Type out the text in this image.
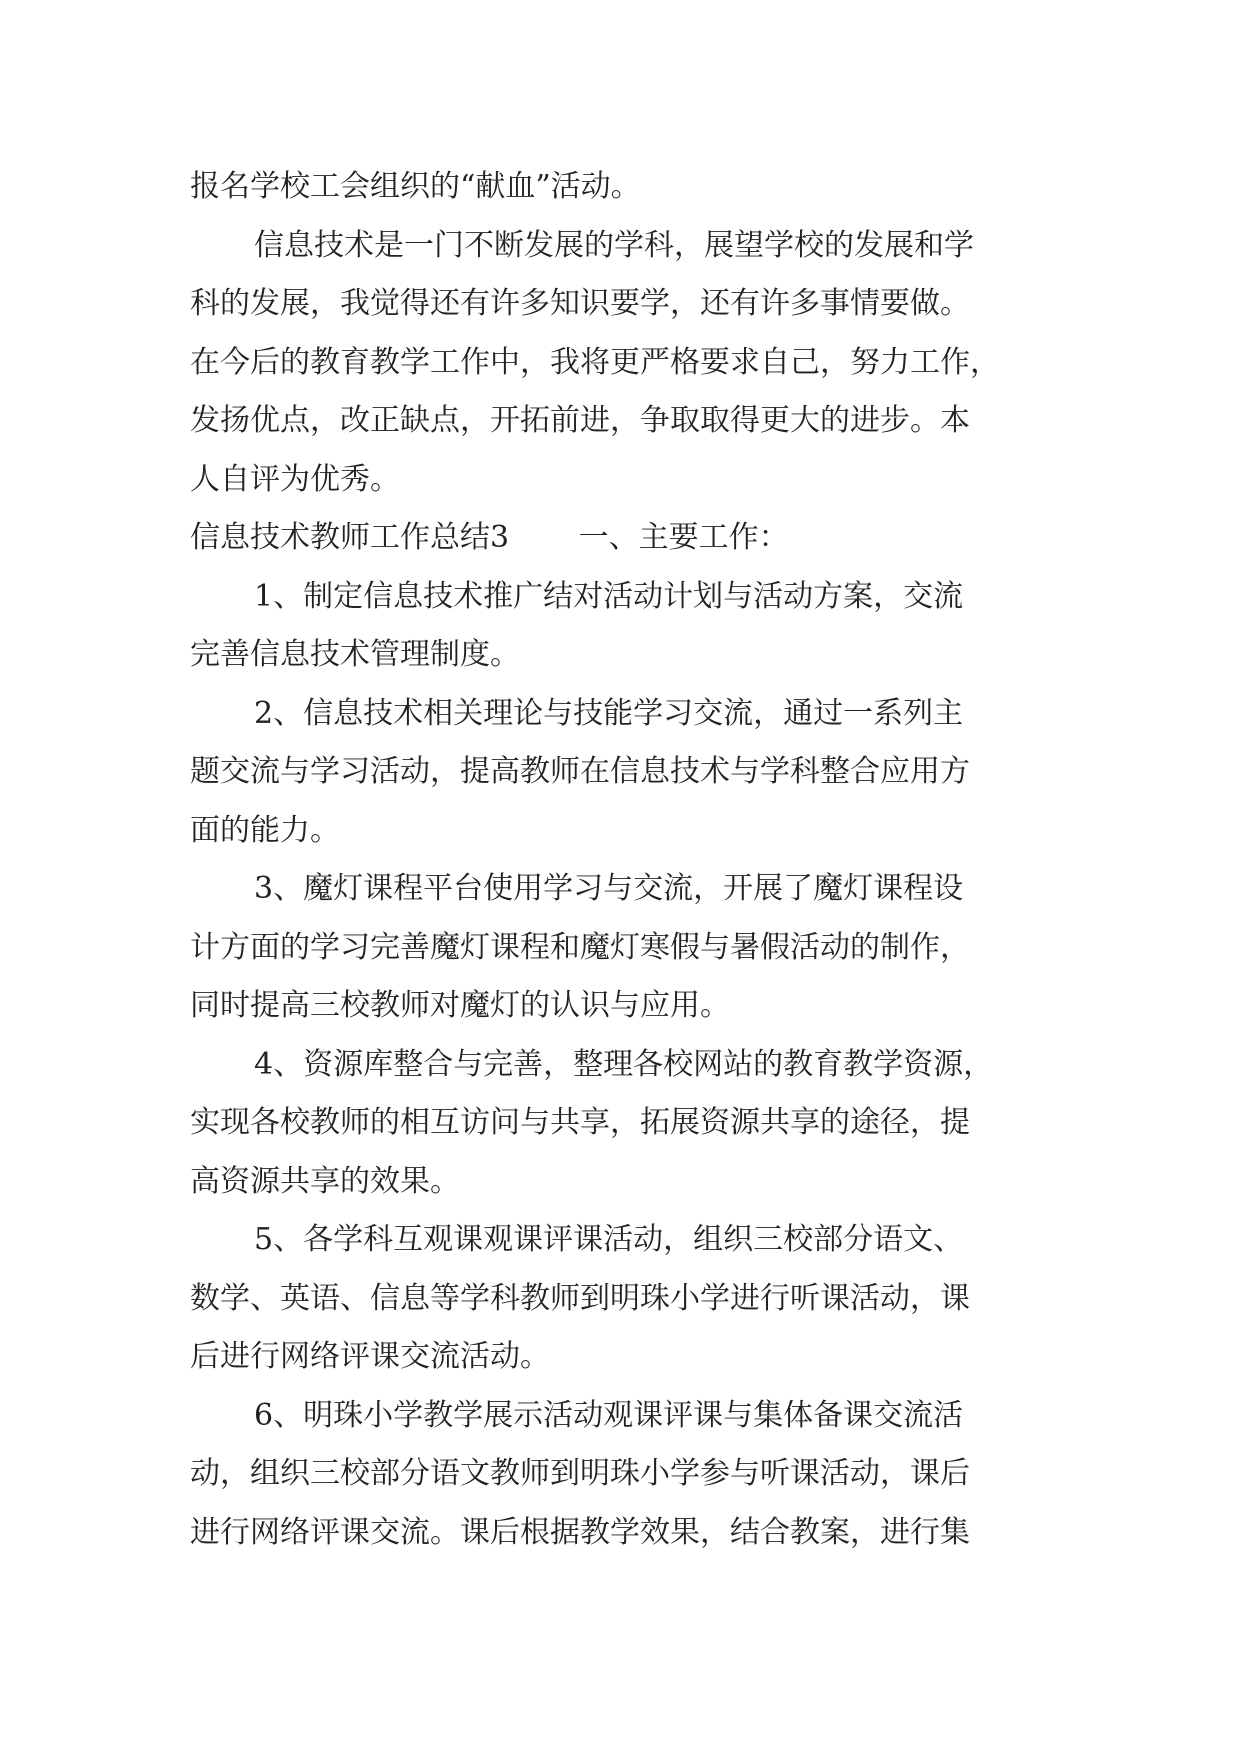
报名学校工会组织的“献血”活动。
信息技术是一门不断发展的学科，展望学校的发展和学
科的发展，我觉得还有许多知识要学，还有许多事情要做。
在今后的教育教学工作中，我将更严格要求自己，努力工作，
发扬优点，改正缺点，开拓前进，争取取得更大的进步。本
人自评为优秀。
信息技术教师工作总结3 　　一、主要工作：
1、制定信息技术推广结对活动计划与活动方案，交流
完善信息技术管理制度。
2、信息技术相关理论与技能学习交流，通过一系列主
题交流与学习活动，提高教师在信息技术与学科整合应用方
面的能力。
3、魔灯课程平台使用学习与交流，开展了魔灯课程设
计方面的学习完善魔灯课程和魔灯寒假与暑假活动的制作，
同时提高三校教师对魔灯的认识与应用。
4、资源库整合与完善，整理各校网站的教育教学资源，
实现各校教师的相互访问与共享，拓展资源共享的途径，提
高资源共享的效果。
5、各学科互观课观课评课活动，组织三校部分语文、
数学、英语、信息等学科教师到明珠小学进行听课活动，课
后进行网络评课交流活动。
6、明珠小学教学展示活动观课评课与集体备课交流活
动，组织三校部分语文教师到明珠小学参与听课活动，课后
进行网络评课交流。课后根据教学效果，结合教案，进行集
